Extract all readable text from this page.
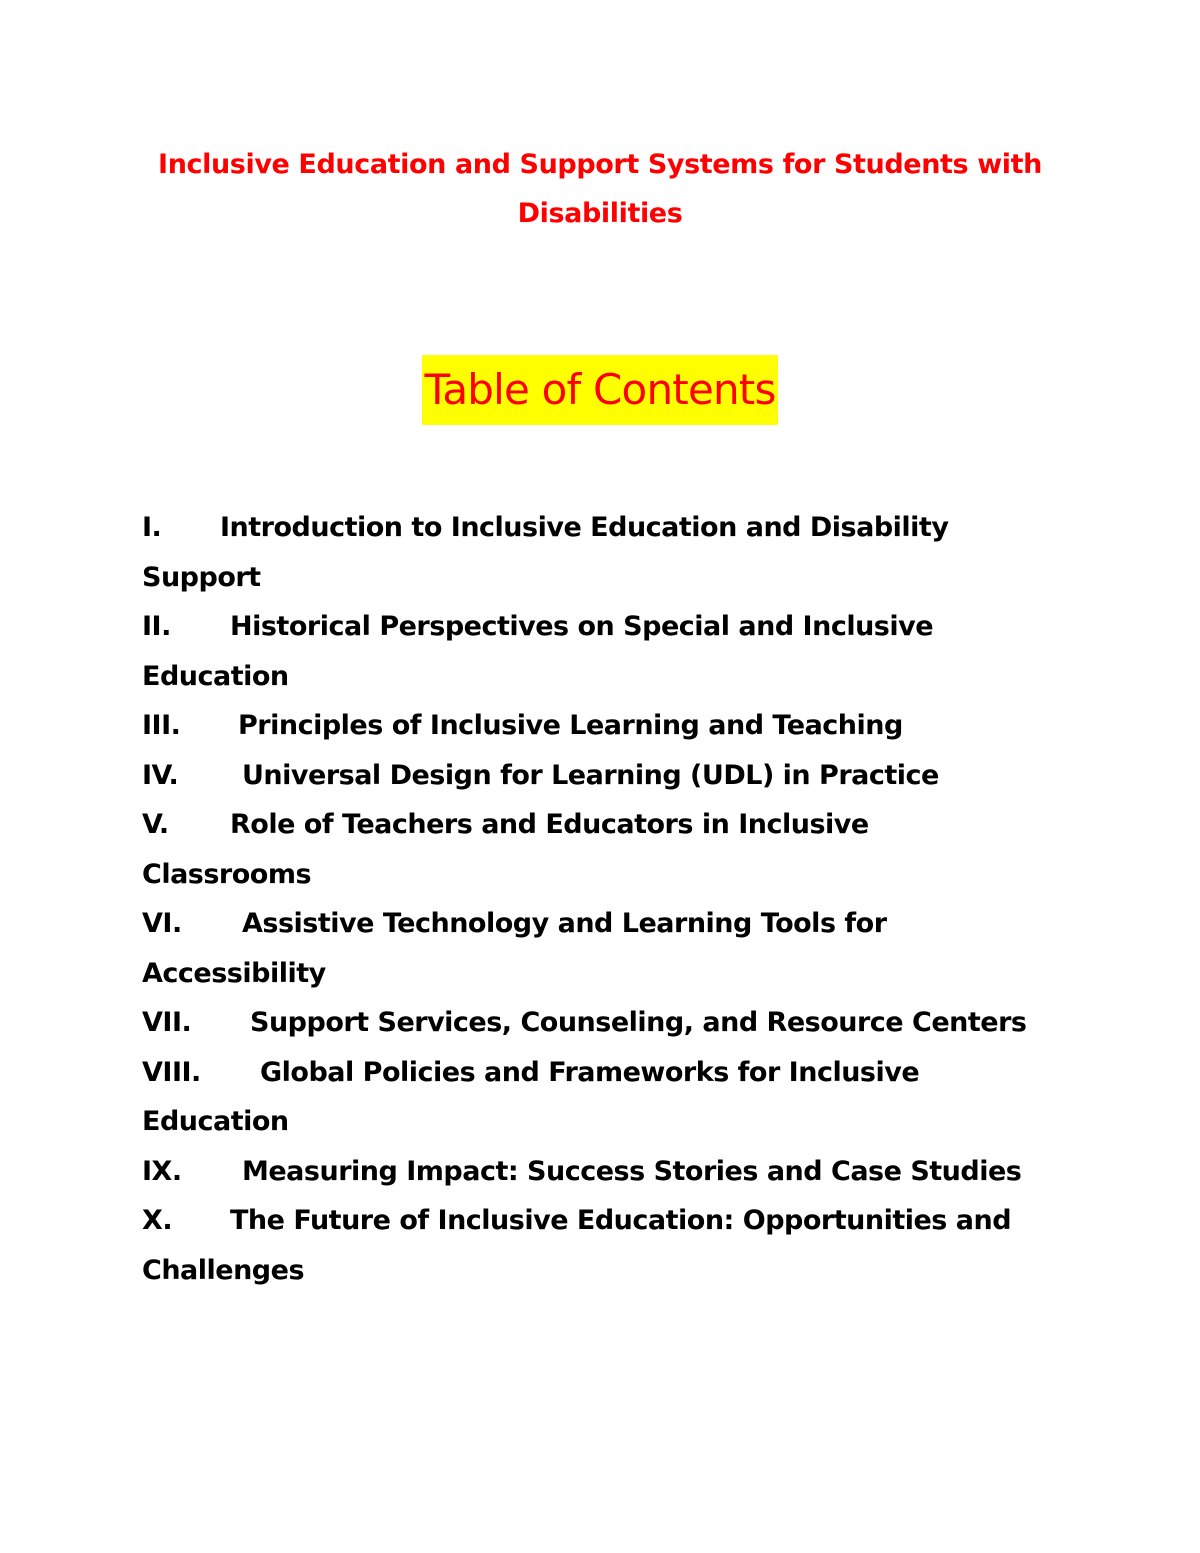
Inclusive Education and Support Systems for Students with Disabilities
Table of Contents
I. Introduction to Inclusive Education and Disability Support
II. Historical Perspectives on Special and Inclusive Education
III. Principles of Inclusive Learning and Teaching
IV. Universal Design for Learning (UDL) in Practice
V. Role of Teachers and Educators in Inclusive Classrooms
VI. Assistive Technology and Learning Tools for Accessibility
VII. Support Services, Counseling, and Resource Centers
VIII. Global Policies and Frameworks for Inclusive Education
IX. Measuring Impact: Success Stories and Case Studies
X. The Future of Inclusive Education: Opportunities and Challenges
